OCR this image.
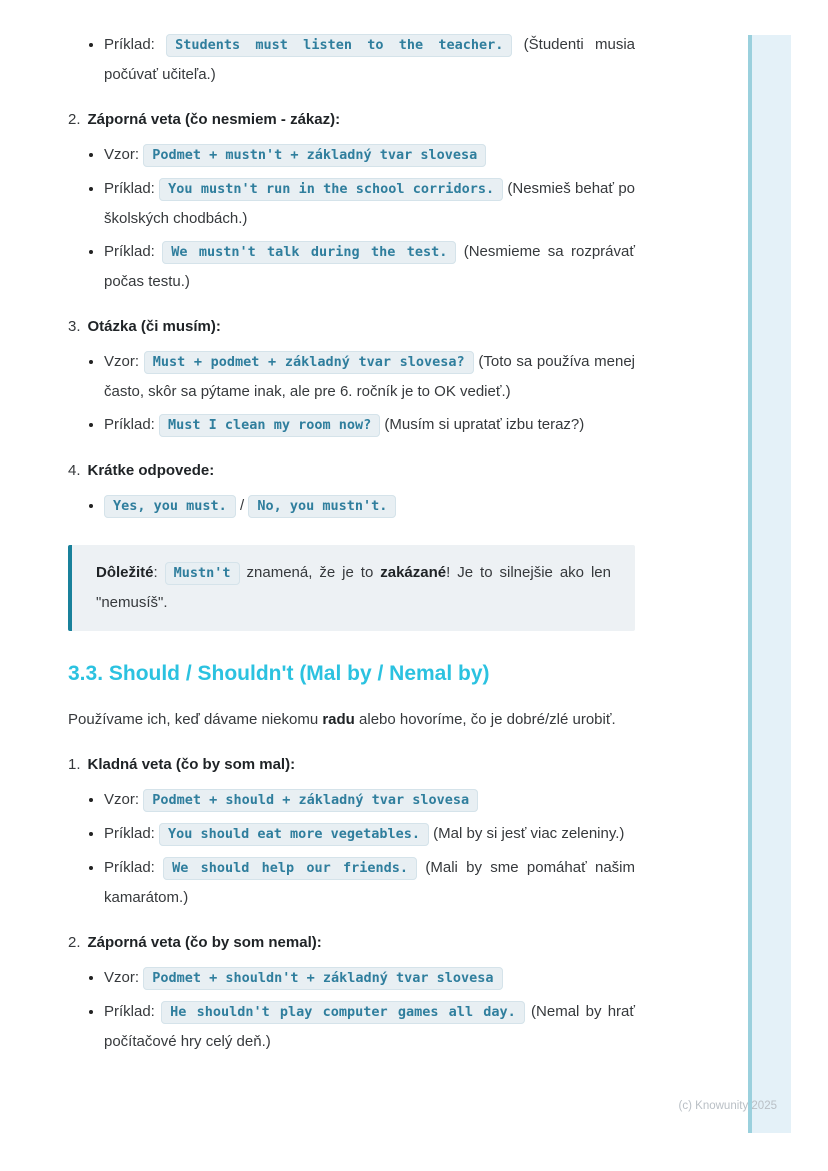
• Príklad: Students must listen to the teacher. (Študenti musia počúvať učiteľa.)
2. Záporná veta (čo nesmiem - zákaz):
• Vzor: Podmet + mustn't + základný tvar slovesa
• Príklad: You mustn't run in the school corridors. (Nesmieš behať po školských chodbách.)
• Príklad: We mustn't talk during the test. (Nesmieme sa rozprávať počas testu.)
3. Otázka (či musím):
• Vzor: Must + podmet + základný tvar slovesa? (Toto sa používa menej často, skôr sa pýtame inak, ale pre 6. ročník je to OK vedieť.)
• Príklad: Must I clean my room now? (Musím si upratať izbu teraz?)
4. Krátke odpovede:
• Yes, you must. / No, you mustn't.

Dôležité: Mustn't znamená, že je to zakázané! Je to silnejšie ako len "nemusíš".

3.3. Should / Shouldn't (Mal by / Nemal by)

Používame ich, keď dávame niekomu radu alebo hovoríme, čo je dobré/zlé urobiť.

1. Kladná veta (čo by som mal):
• Vzor: Podmet + should + základný tvar slovesa
• Príklad: You should eat more vegetables. (Mal by si jesť viac zeleniny.)
• Príklad: We should help our friends. (Mali by sme pomáhať našim kamarátom.)
2. Záporná veta (čo by som nemal):
• Vzor: Podmet + shouldn't + základný tvar slovesa
• Príklad: He shouldn't play computer games all day. (Nemal by hrať počítačové hry celý deň.)
(c) Knowunity 2025
